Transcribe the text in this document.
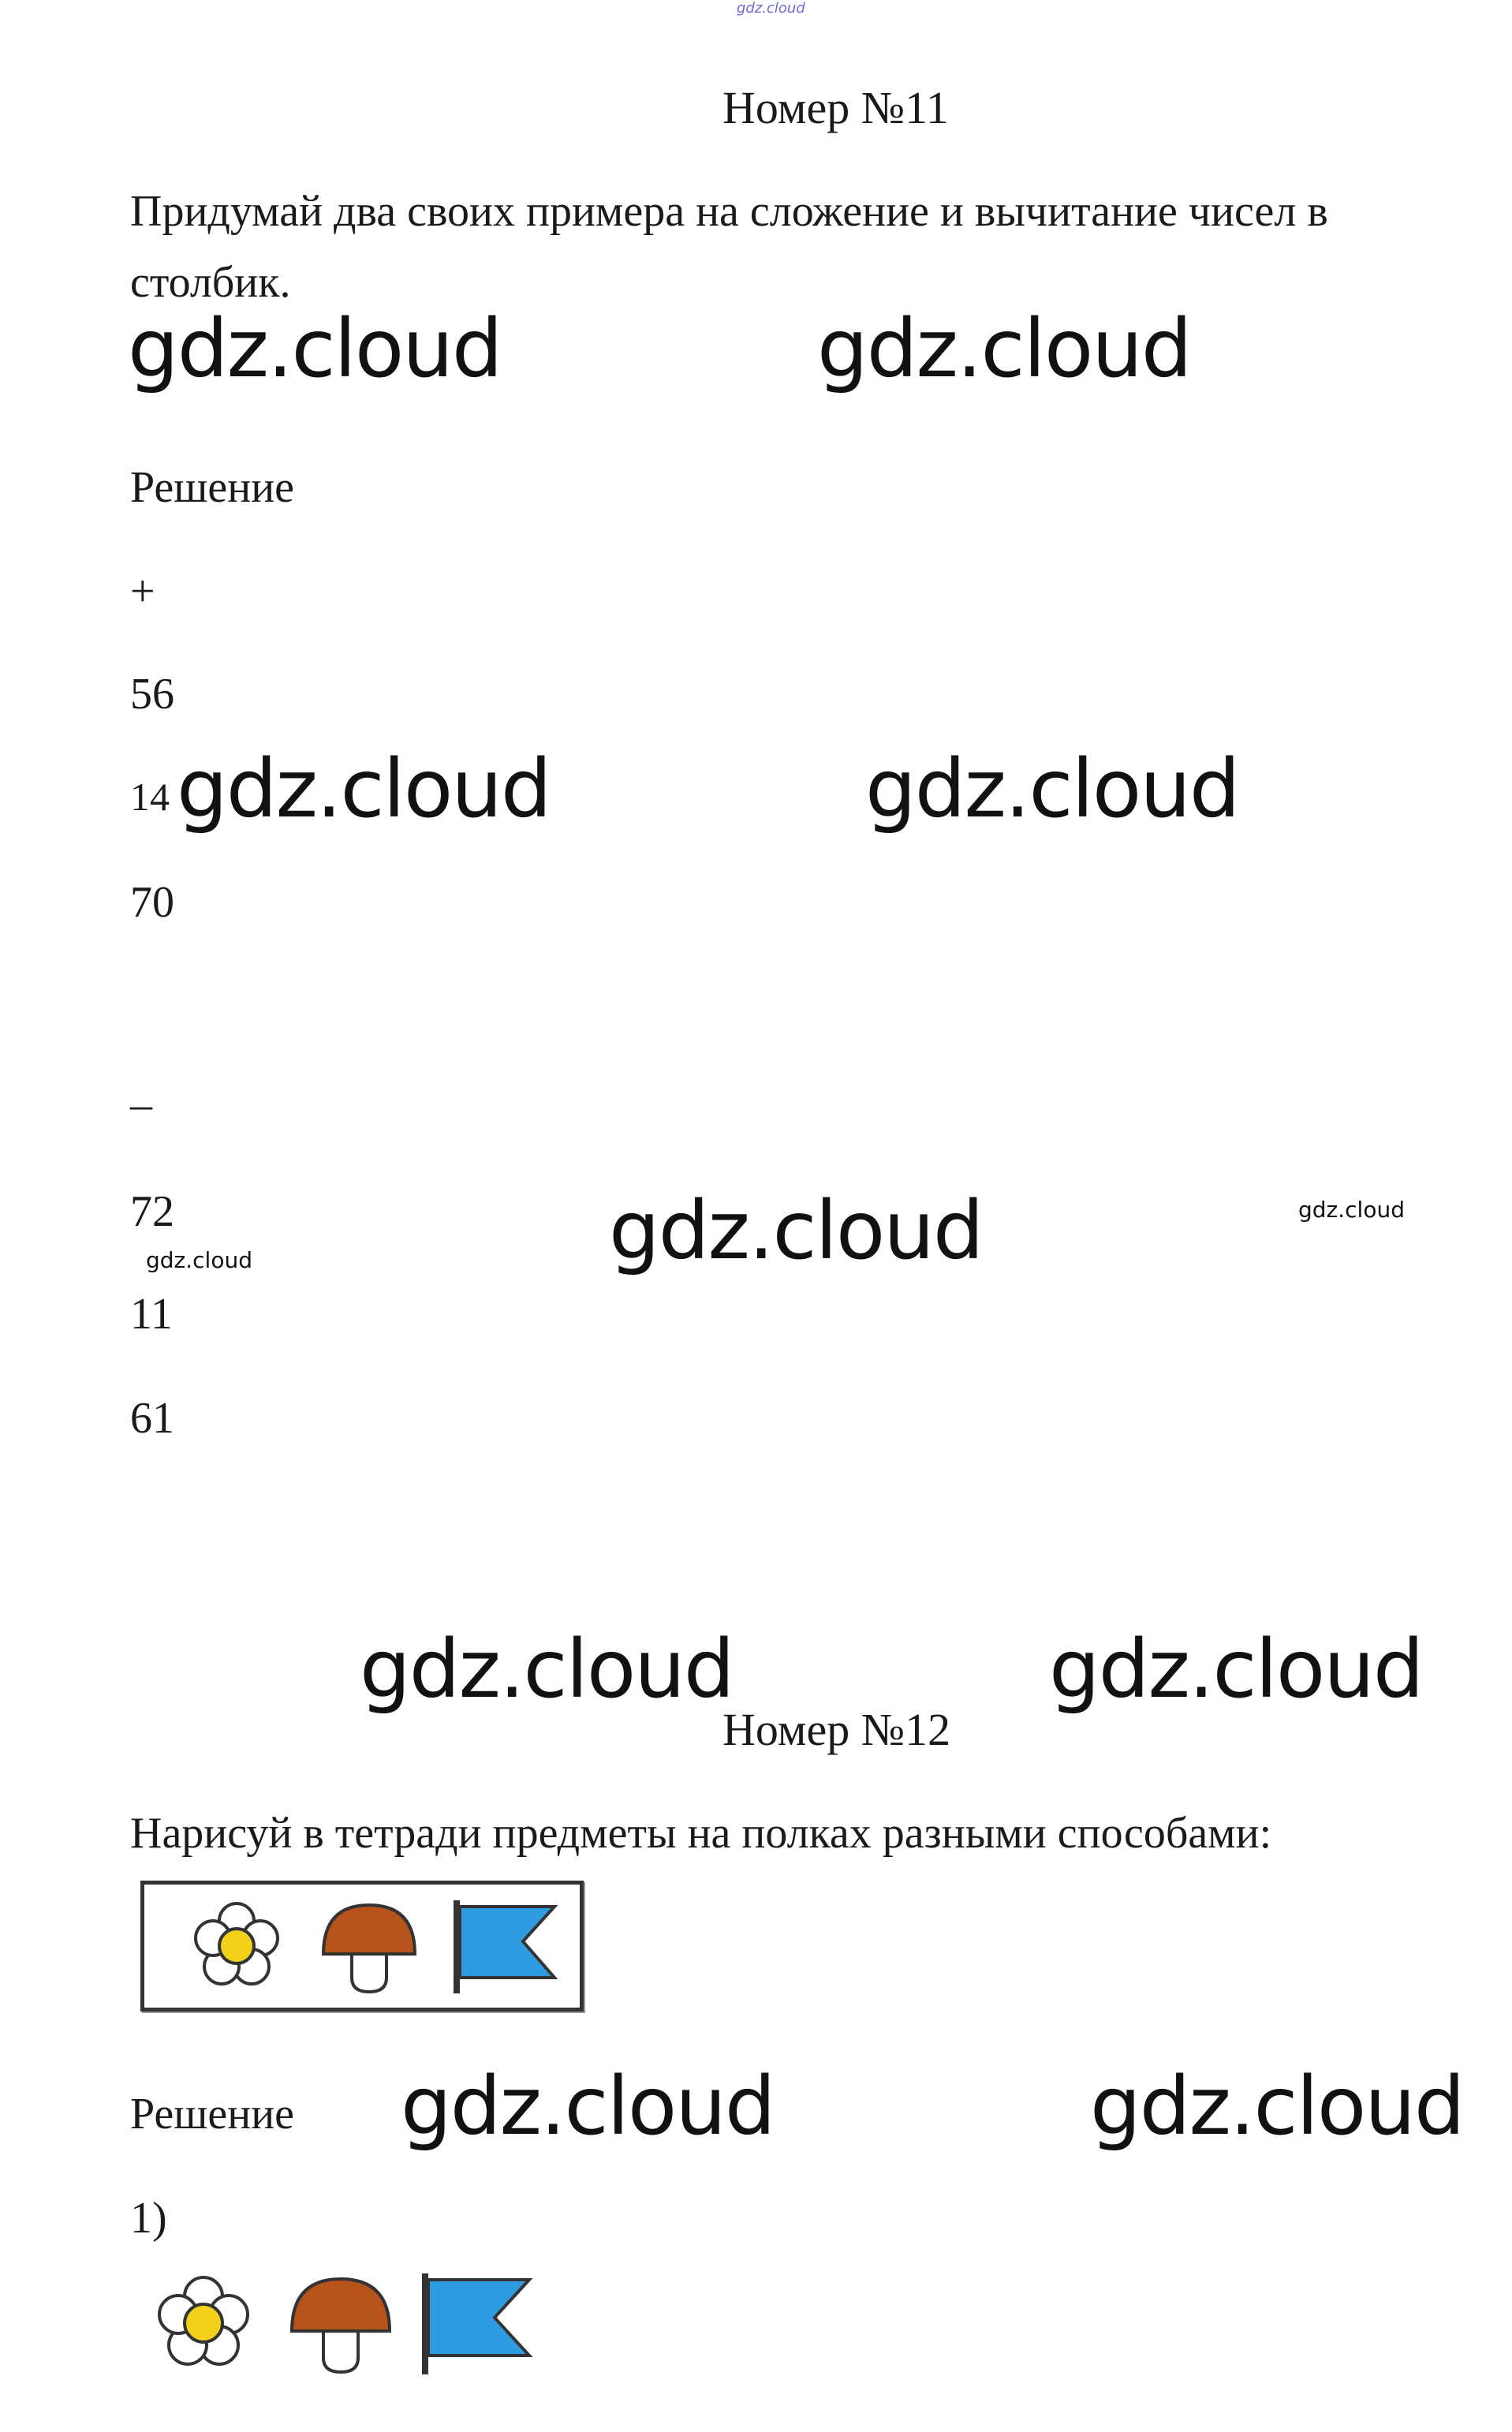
gdz.cloud
Номер №11
Придумай два своих примера на сложение и вычитание чисел в
столбик.
gdz.cloud	gdz.cloud
Решение
+
56
14 gdz.cloud	gdz.cloud
70
–
72
gdz.cloud	gdz.cloud	gdz.cloud
11
61
gdz.cloud	gdz.cloud
Номер №12
Нарисуй в тетради предметы на полках разными способами:
Решение gdz.cloud	gdz.cloud
1)
